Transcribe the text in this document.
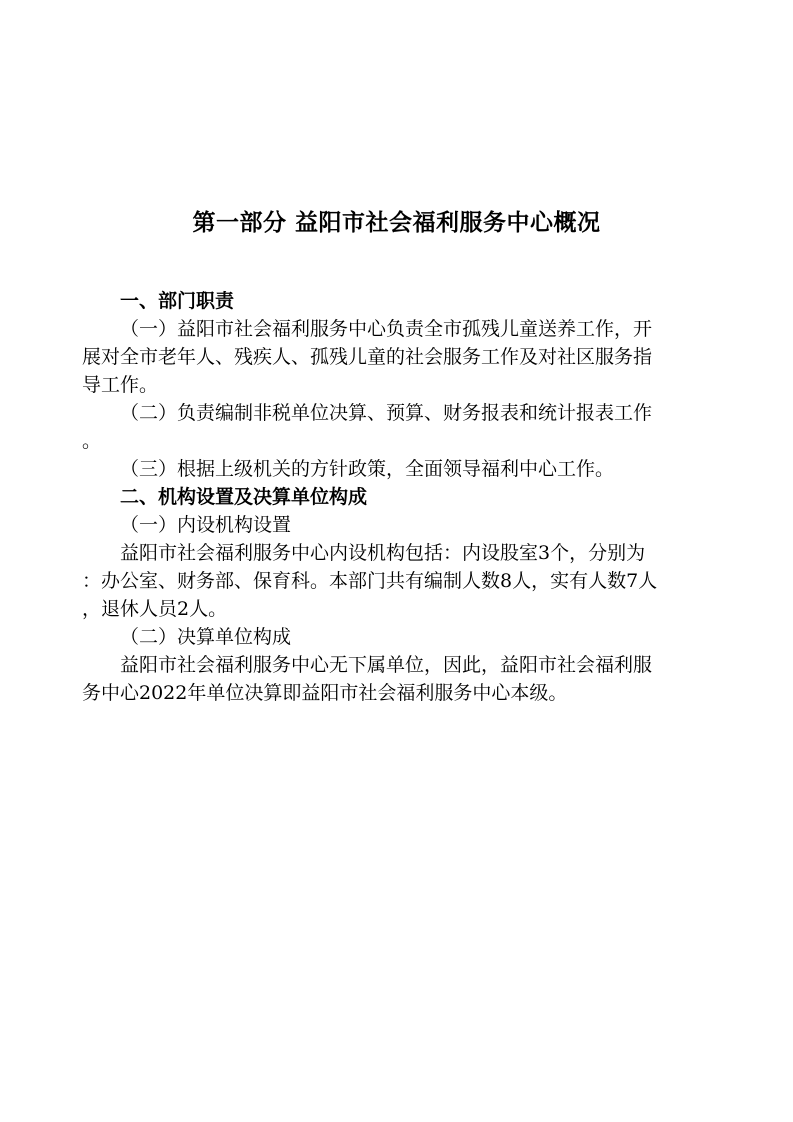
第一部分 益阳市社会福利服务中心概况
一、部门职责
（一）益阳市社会福利服务中心负责全市孤残儿童送养工作，开
展对全市老年人、残疾人、孤残儿童的社会服务工作及对社区服务指
导工作。
（二）负责编制非税单位决算、预算、财务报表和统计报表工作
。
（三）根据上级机关的方针政策，全面领导福利中心工作。
二、机构设置及决算单位构成
（一）内设机构设置
益阳市社会福利服务中心内设机构包括：内设股室3个，分别为
：办公室、财务部、保育科。本部门共有编制人数8人，实有人数7人
，退休人员2人。
（二）决算单位构成
益阳市社会福利服务中心无下属单位，因此，益阳市社会福利服
务中心2022年单位决算即益阳市社会福利服务中心本级。
